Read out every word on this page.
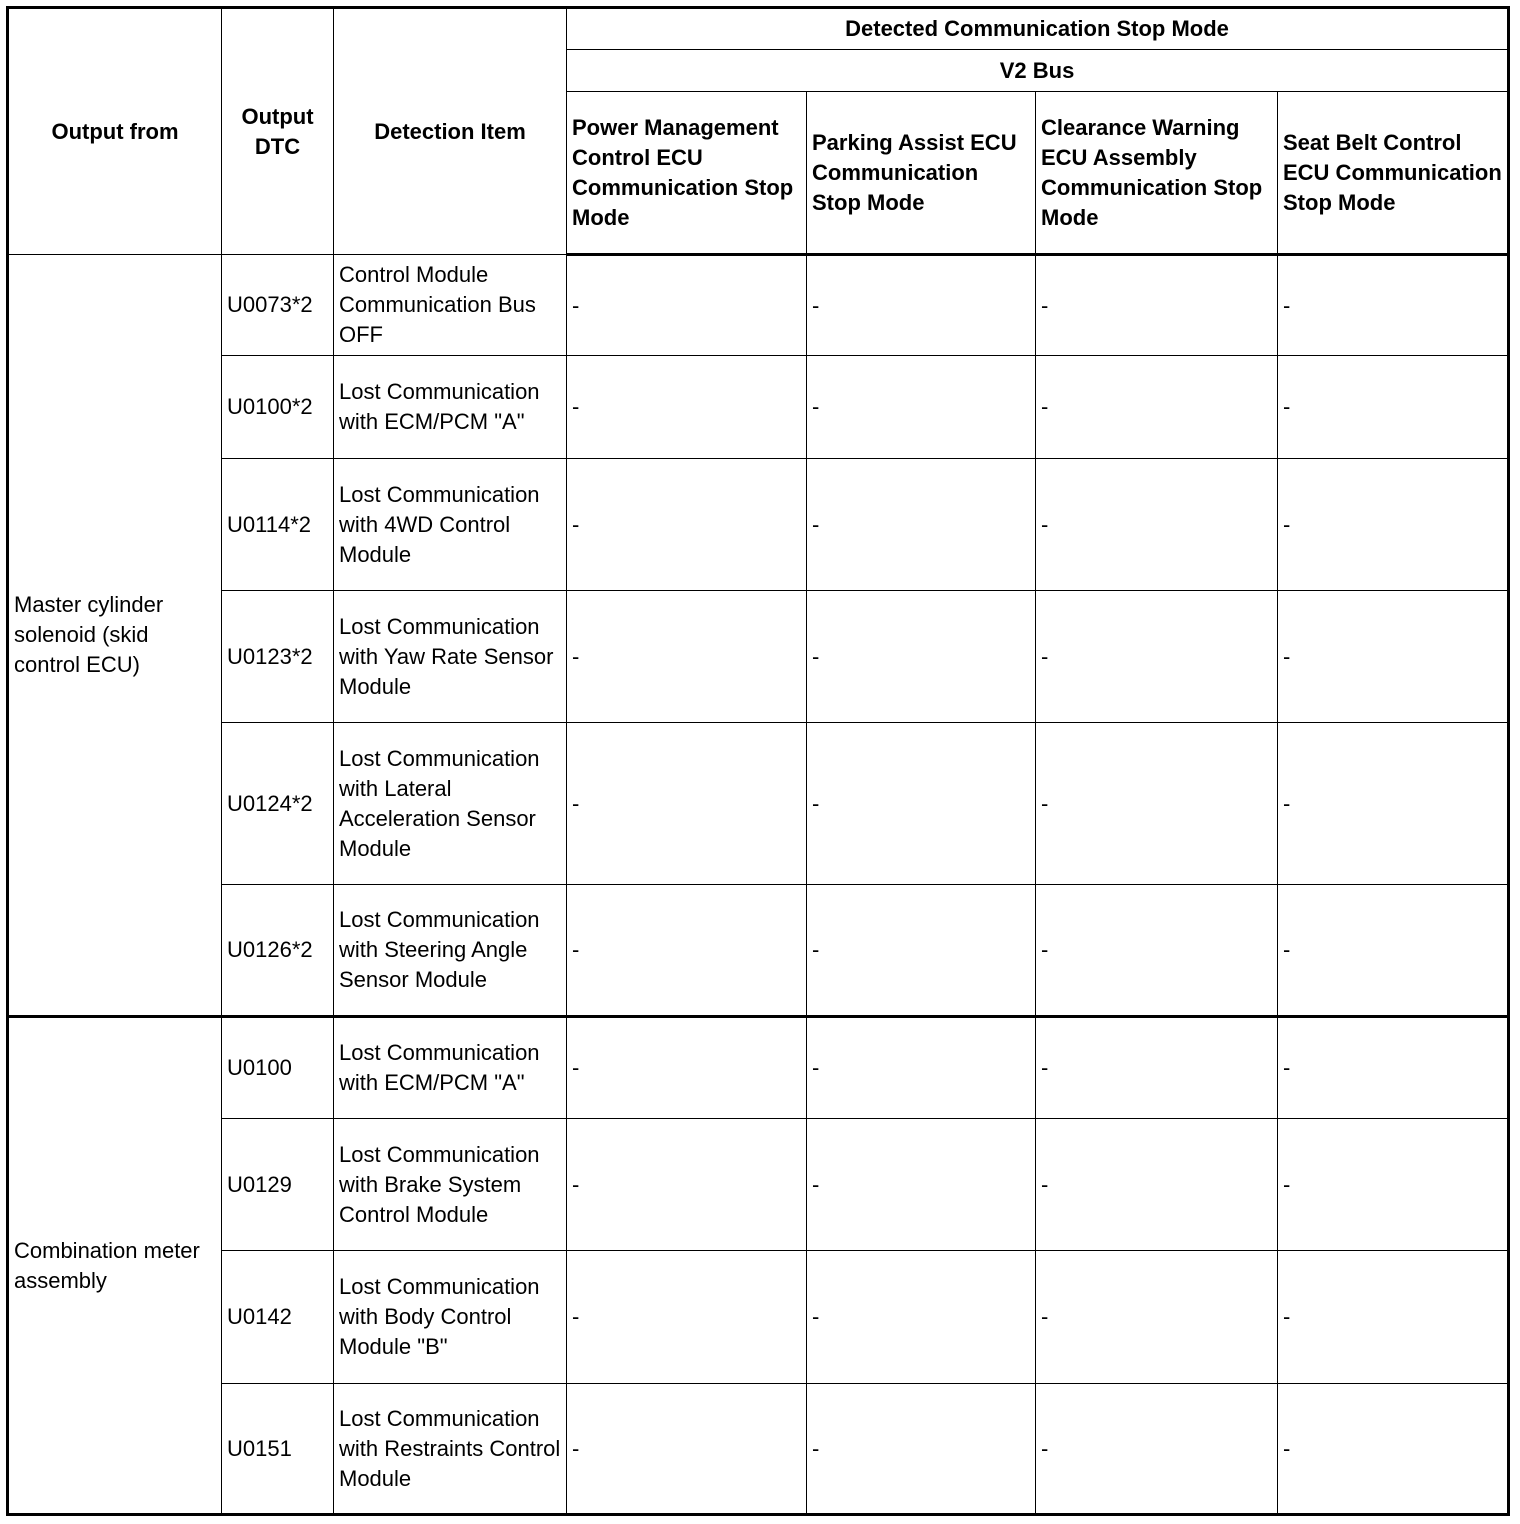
Output from	Output DTC	Detection Item	Detected Communication Stop Mode			
			V2 Bus			
			Power Management Control ECU Communication Stop Mode	Parking Assist ECU Communication Stop Mode	Clearance Warning ECU Assembly Communication Stop Mode	Seat Belt Control ECU Communication Stop Mode
Master cylinder solenoid (skid control ECU)	U0073*2	Control Module Communication Bus OFF	-	-	-	-
	U0100*2	Lost Communication with ECM/PCM "A"	-	-	-	-
	U0114*2	Lost Communication with 4WD Control Module	-	-	-	-
	U0123*2	Lost Communication with Yaw Rate Sensor Module	-	-	-	-
	U0124*2	Lost Communication with Lateral Acceleration Sensor Module	-	-	-	-
	U0126*2	Lost Communication with Steering Angle Sensor Module	-	-	-	-
Combination meter assembly	U0100	Lost Communication with ECM/PCM "A"	-	-	-	-
	U0129	Lost Communication with Brake System Control Module	-	-	-	-
	U0142	Lost Communication with Body Control Module "B"	-	-	-	-
	U0151	Lost Communication with Restraints Control Module	-	-	-	-
